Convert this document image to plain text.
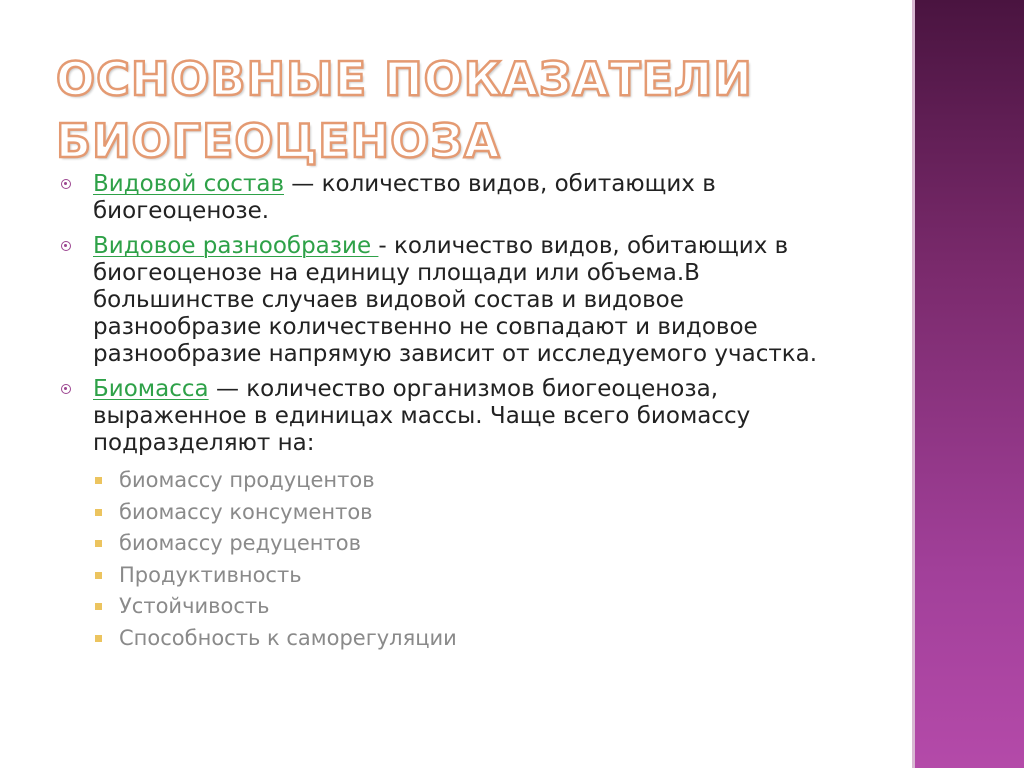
ОСНОВНЫЕ ПОКАЗАТЕЛИ
БИОГЕОЦЕНОЗА
Видовой состав — количество видов, обитающих в биогеоценозе.
Видовое разнообразие - количество видов, обитающих в биогеоценозе на единицу площади или объема.В большинстве случаев видовой состав и видовое разнообразие количественно не совпадают и видовое разнообразие напрямую зависит от исследуемого участка.
Биомасса — количество организмов биогеоценоза, выраженное в единицах массы. Чаще всего биомассу подразделяют на:
биомассу продуцентов
биомассу консументов
биомассу редуцентов
Продуктивность
Устойчивость
Способность к саморегуляции
